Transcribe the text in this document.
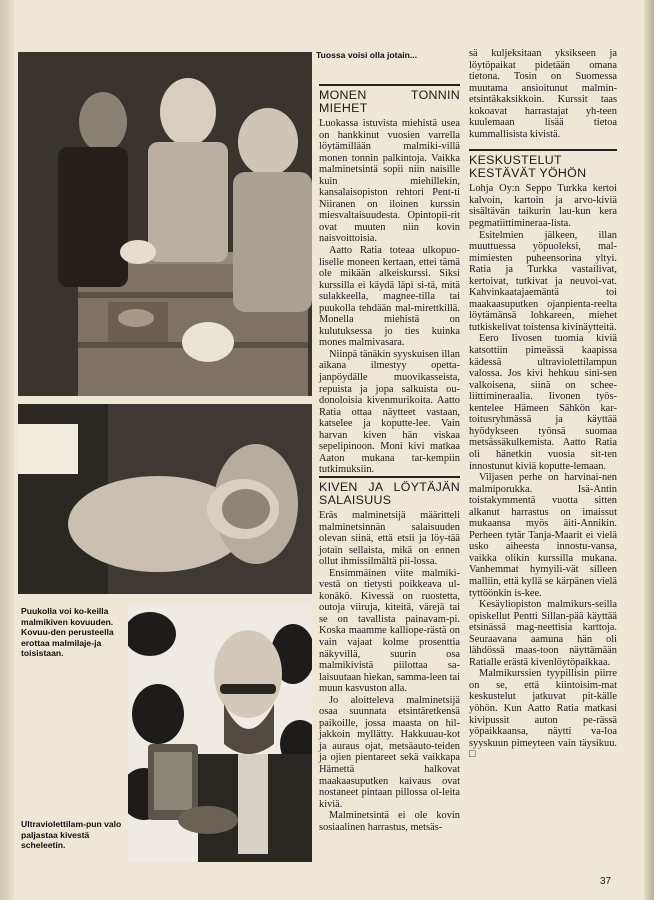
Tuossa voisi olla jotain...
Puukolla voi ko-keilla malmikiven kovuuden. Kovuu-den perusteella erottaa malmilaje-ja toisistaan.
Ultraviolettilam-pun valo paljastaa kivestä scheleetin.
MONEN TONNIN MIEHET

Luokassa istuvista miehistä usea on hankkinut vuosien varrella löytämillään malmiki-villä monen tonnin palkintoja. Vaikka malminetsintä sopii niin naisille kuin miehillekin, kansalaisopiston rehtori Pent-ti Niiranen on iloinen kurssin miesvaltaisuudesta. Opintopii-rit ovat muuten niin kovin naisvoittoisia.

Aatto Ratia toteaa ulkopuo-liselle moneen kertaan, ettei tämä ole mikään alkeiskurssi. Siksi kurssilla ei käydä läpi si-tä, mitä sulakkeella, magnee-tilla tai puukolla tehdään mal-mirettkillä. Monella miehistä on kulutuksessa jo ties kuinka mones malmivasara.

Niinpä tänäkin syyskuisen illan aikana ilmestyy opetta-janpöydälle muovikasseista, repuista ja jopa salkuista ou-donoloisia kivenmurikoita. Aatto Ratia ottaa näytteet vastaan, katselee ja koputte-lee. Vain harvan kiven hän viskaa sepelipinoon. Moni kivi matkaa Aaton mukana tar-kempiin tutkimuksiin.

KIVEN JA LÖYTÄJÄN SALAISUUS

Eräs malminetsijä määritteli malminetsinnän salaisuuden olevan siinä, että etsii ja löy-tää jotain sellaista, mikä on ennen ollut ihmissilmältä pii-lossa.

Ensimmäinen viite malmiki-vestä on tietysti poikkeava ul-konäkö. Kivessä on ruostetta, outoja viiruja, kiteitä, värejä tai se on tavallista painavam-pi. Koska maamme kalliope-rästä on vain vajaat kolme prosenttia näkyvillä, suurin osa malmikivistä piilottaa sa-laisuutaan hiekan, samma-leen tai muun kasvuston alla.

Jo aloitteleva malminetsijä osaa suunnata etsintäretkensä paikoille, jossa maasta on hil-jakkoin myllätty. Hakkuuau-kot ja auraus ojat, metsäauto-teiden ja ojien pientareet sekä vaikkapa Hämettä halkovat maakaasuputken kaivaus ovat nostaneet pintaan pillossa ol-leita kiviä.

Malminetsintä ei ole kovin sosiaalinen harrastus, metsäs-

sä kuljeksitaan yksikseen ja löytöpaikat pidetään omana tietona. Tosin on Suomessa muutama ansioitunut malmin-etsintäkaksikkoin. Kurssit taas kokoavat harrastajat yh-teen kuulemaan lisää tietoa kummallisista kivistä.

KESKUSTELUT KESTÄVÄT YÖHÖN

Lohja Oy:n Seppo Turkka kertoi kalvoin, kartoin ja arvo-kiviä sisältävän taikurin lau-kun kera pegmatiittimineraa-lista.

Esitelmien jälkeen, illan muuttuessa yöpuoleksi, mal-mimiesten puheensorina yltyi. Ratia ja Turkka vastailivat, kertoivat, tutkivat ja neuvoi-vat. Kahvinkaatajaemäntä toi maakaasuputken ojanpienta-reelta löytämänsä lohkareen, miehet tutkiskelivat toistensa kivinäytteitä.

Eero Iivosen tuomia kiviä katsottiin pimeässä kaapissa kädessä ultraviolettilampun valossa. Jos kivi hehkuu sini-sen valkoisena, siinä on schee-liittimineraalia. Iivonen työs-kentelee Hämeen Sähkön kar-toitusryhmässä ja käyttää hyödykseen työnsä suomaa metsässäkulkemista. Aatto Ratia oli hänetkin vuosia sit-ten innostunut kiviä koputte-lemaan.

Viljasen perhe on harvinai-nen malmiporukka. Isä-Antin toistakymmentä vuotta sitten alkanut harrastus on imaissut mukaansa myös äiti-Annikin. Perheen tytär Tanja-Maarit ei vielä usko aiheesta innostu-vansa, vaikka olikin kurssilla mukana. Vanhemmat hymyili-vät silleen malliin, että kyllä se kärpänen vielä tyttöönkin is-kee.

Kesäyliopiston malmikurs-seilla opiskellut Pentti Sillan-pää käyttää etsinässä mag-neettisia karttoja. Seuraavana aamuna hän oli lähdössä maas-toon näyttämään Ratialle erästä kivenlöytöpaikkaa.

Malmikurssien tyypillisin piirre on se, että kiintoisim-mat keskustelut jatkuvat pit-källe yöhön. Kun Aatto Ratia matkasi kivipussit auton pe-rässä yöpaikkaansa, näytti va-loa syyskuun pimeyteen vain täysikuu. □

37
